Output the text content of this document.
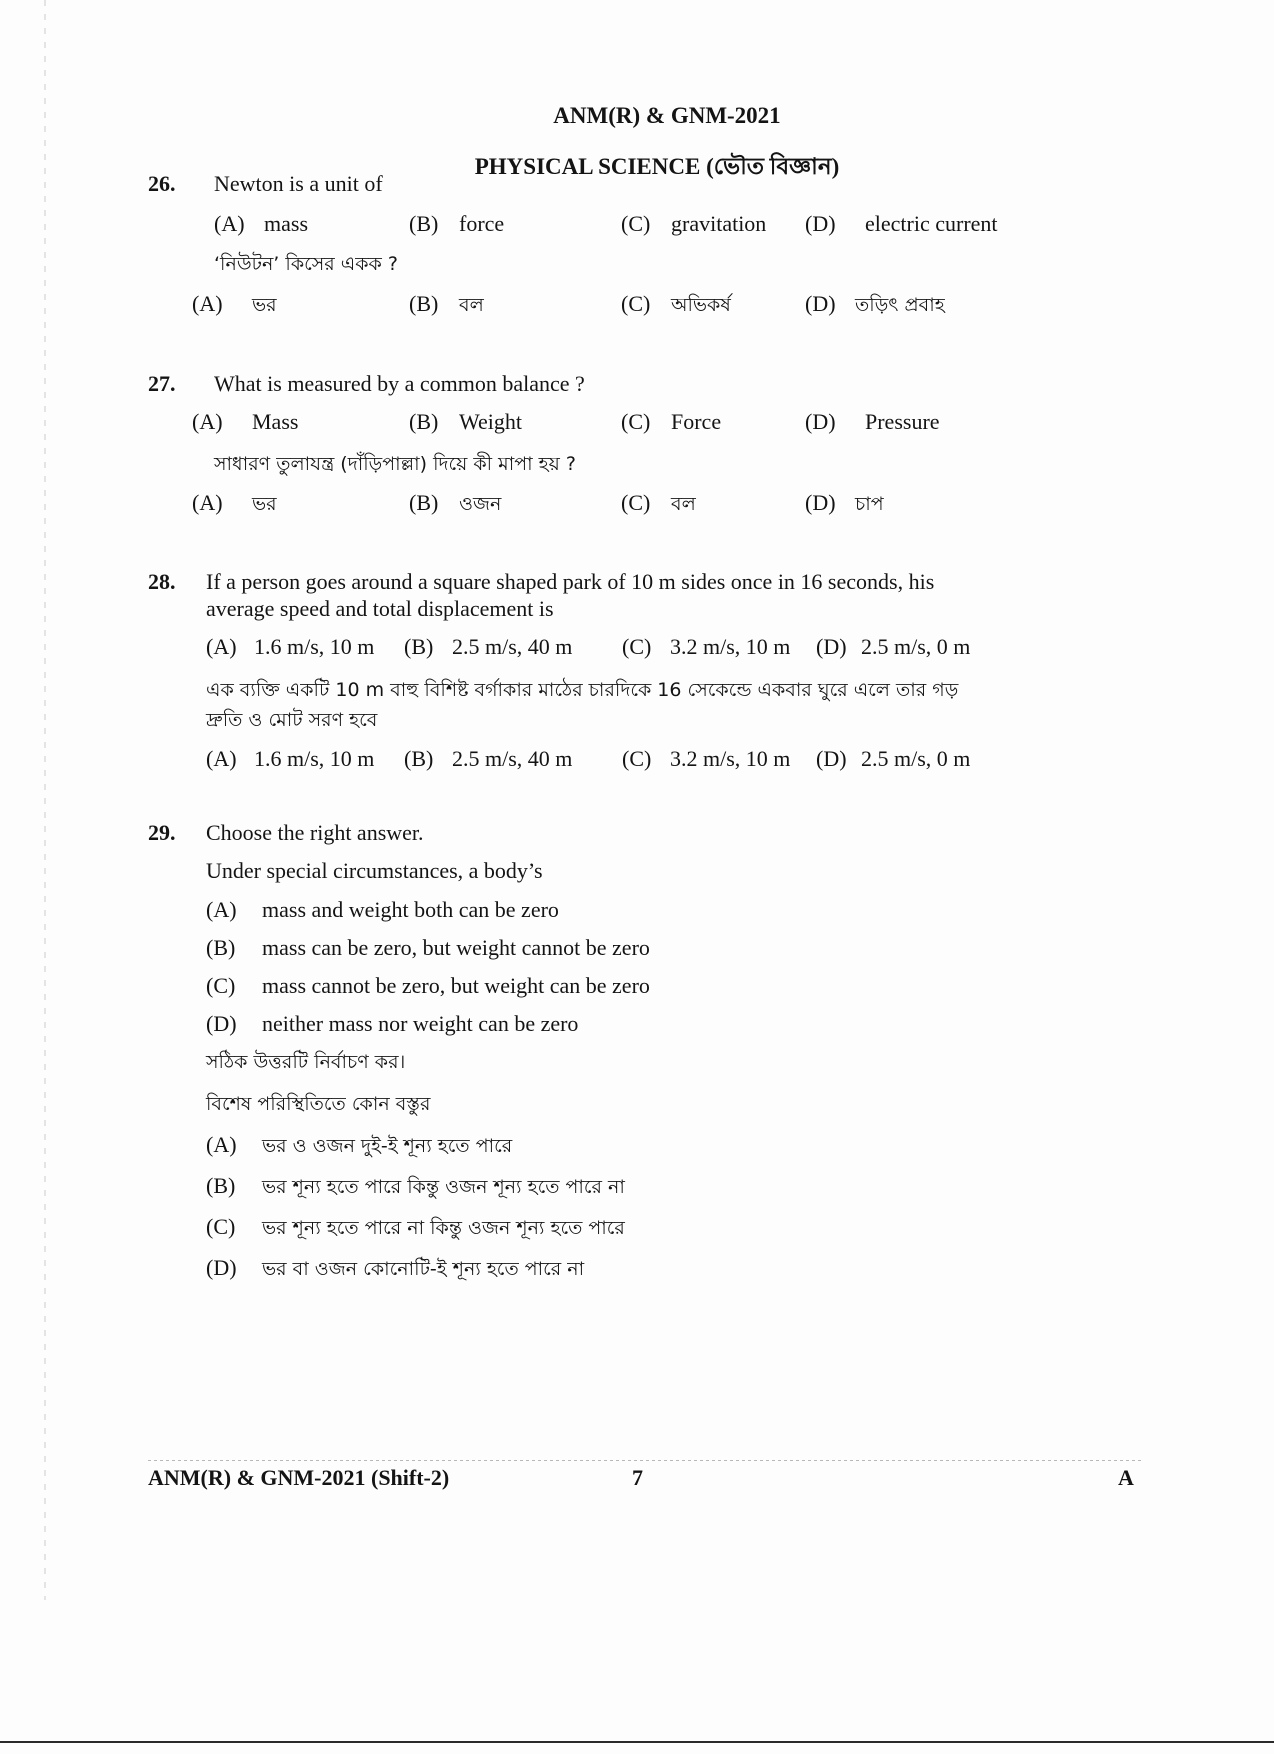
ANM(R) & GNM-2021
PHYSICAL SCIENCE (ভৌত বিজ্ঞান)
26.	Newton is a unit of
(A) mass	(B) force	(C) gravitation (D) electric current
‘নিউটন’ কিসের একক ?
(A) ভর	(B) বল	(C) অভিকর্ষ	(D) তড়িৎ প্রবাহ
27.	What is measured by a common balance ?
(A) Mass	(B) Weight	(C) Force	(D) Pressure
সাধারণ তুলাযন্ত্র (দাঁড়িপাল্লা) দিয়ে কী মাপা হয় ?
(A) ভর	(B) ওজন	(C) বল	(D) চাপ
28.	If a person goes around a square shaped park of 10 m sides once in 16 seconds, his
average speed and total displacement is
(A) 1.6 m/s, 10 m (B) 2.5 m/s, 40 m (C) 3.2 m/s, 10 m (D) 2.5 m/s, 0 m
এক ব্যক্তি একটি 10 m বাহু বিশিষ্ট বর্গাকার মাঠের চারদিকে 16 সেকেন্ডে একবার ঘুরে এলে তার গড়
দ্রুতি ও মোট সরণ হবে
(A) 1.6 m/s, 10 m (B) 2.5 m/s, 40 m (C) 3.2 m/s, 10 m (D) 2.5 m/s, 0 m
29.	Choose the right answer.
Under special circumstances, a body’s
(A) mass and weight both can be zero
(B) mass can be zero, but weight cannot be zero
(C) mass cannot be zero, but weight can be zero
(D) neither mass nor weight can be zero
সঠিক উত্তরটি নির্বাচণ কর।
বিশেষ পরিস্থিতিতে কোন বস্তুর
(A) ভর ও ওজন দুই-ই শূন্য হতে পারে
(B) ভর শূন্য হতে পারে কিন্তু ওজন শূন্য হতে পারে না
(C) ভর শূন্য হতে পারে না কিন্তু ওজন শূন্য হতে পারে
(D) ভর বা ওজন কোনোটি-ই শূন্য হতে পারে না
ANM(R) & GNM-2021 (Shift-2)	7	A
